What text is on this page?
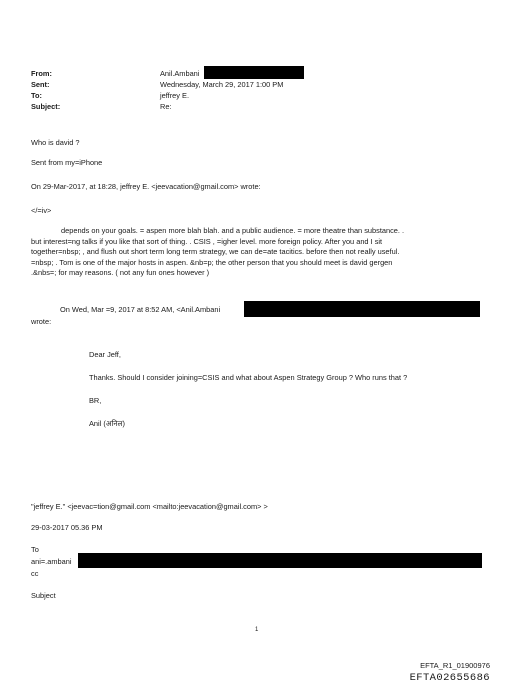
From:	Anil.Ambani
Sent:	Wednesday, March 29, 2017 1:00 PM
To:	jeffrey E.
Subject:	Re:
Who is david ?
Sent from my=iPhone
On 29-Mar-2017, at 18:28, jeffrey E. <jeevacation@gmail.com> wrote:
</=iv>
depends on your goals. = aspen more blah blah. and a public audience. = more theatre than substance. .
but interest=ng talks if you like that sort of thing. . CSIS , =igher level. more foreign policy. After you and I sit
together=nbsp; , and flush out short term long term strategy, we can de=ate tacitics. before then not really useful.
=nbsp; . Tom is one of the major hosts in aspen. &nb=p; the other person that you should meet is david gergen
.&nbs=; for may reasons. ( not any fun ones however )
On Wed, Mar =9, 2017 at 8:52 AM, <Anil.Ambani
wrote:
Dear Jeff,
Thanks. Should I consider joining=CSIS and what about Aspen Strategy Group ? Who runs that ?
BR,
Anil (अनिल)
"jeffrey E." <jeevac=tion@gmail.com <mailto:jeevacation@gmail.com> >
29-03-2017 05.36 PM
To
ani=.ambani
cc
Subject
1
EFTA_R1_01900976
EFTA02655686
